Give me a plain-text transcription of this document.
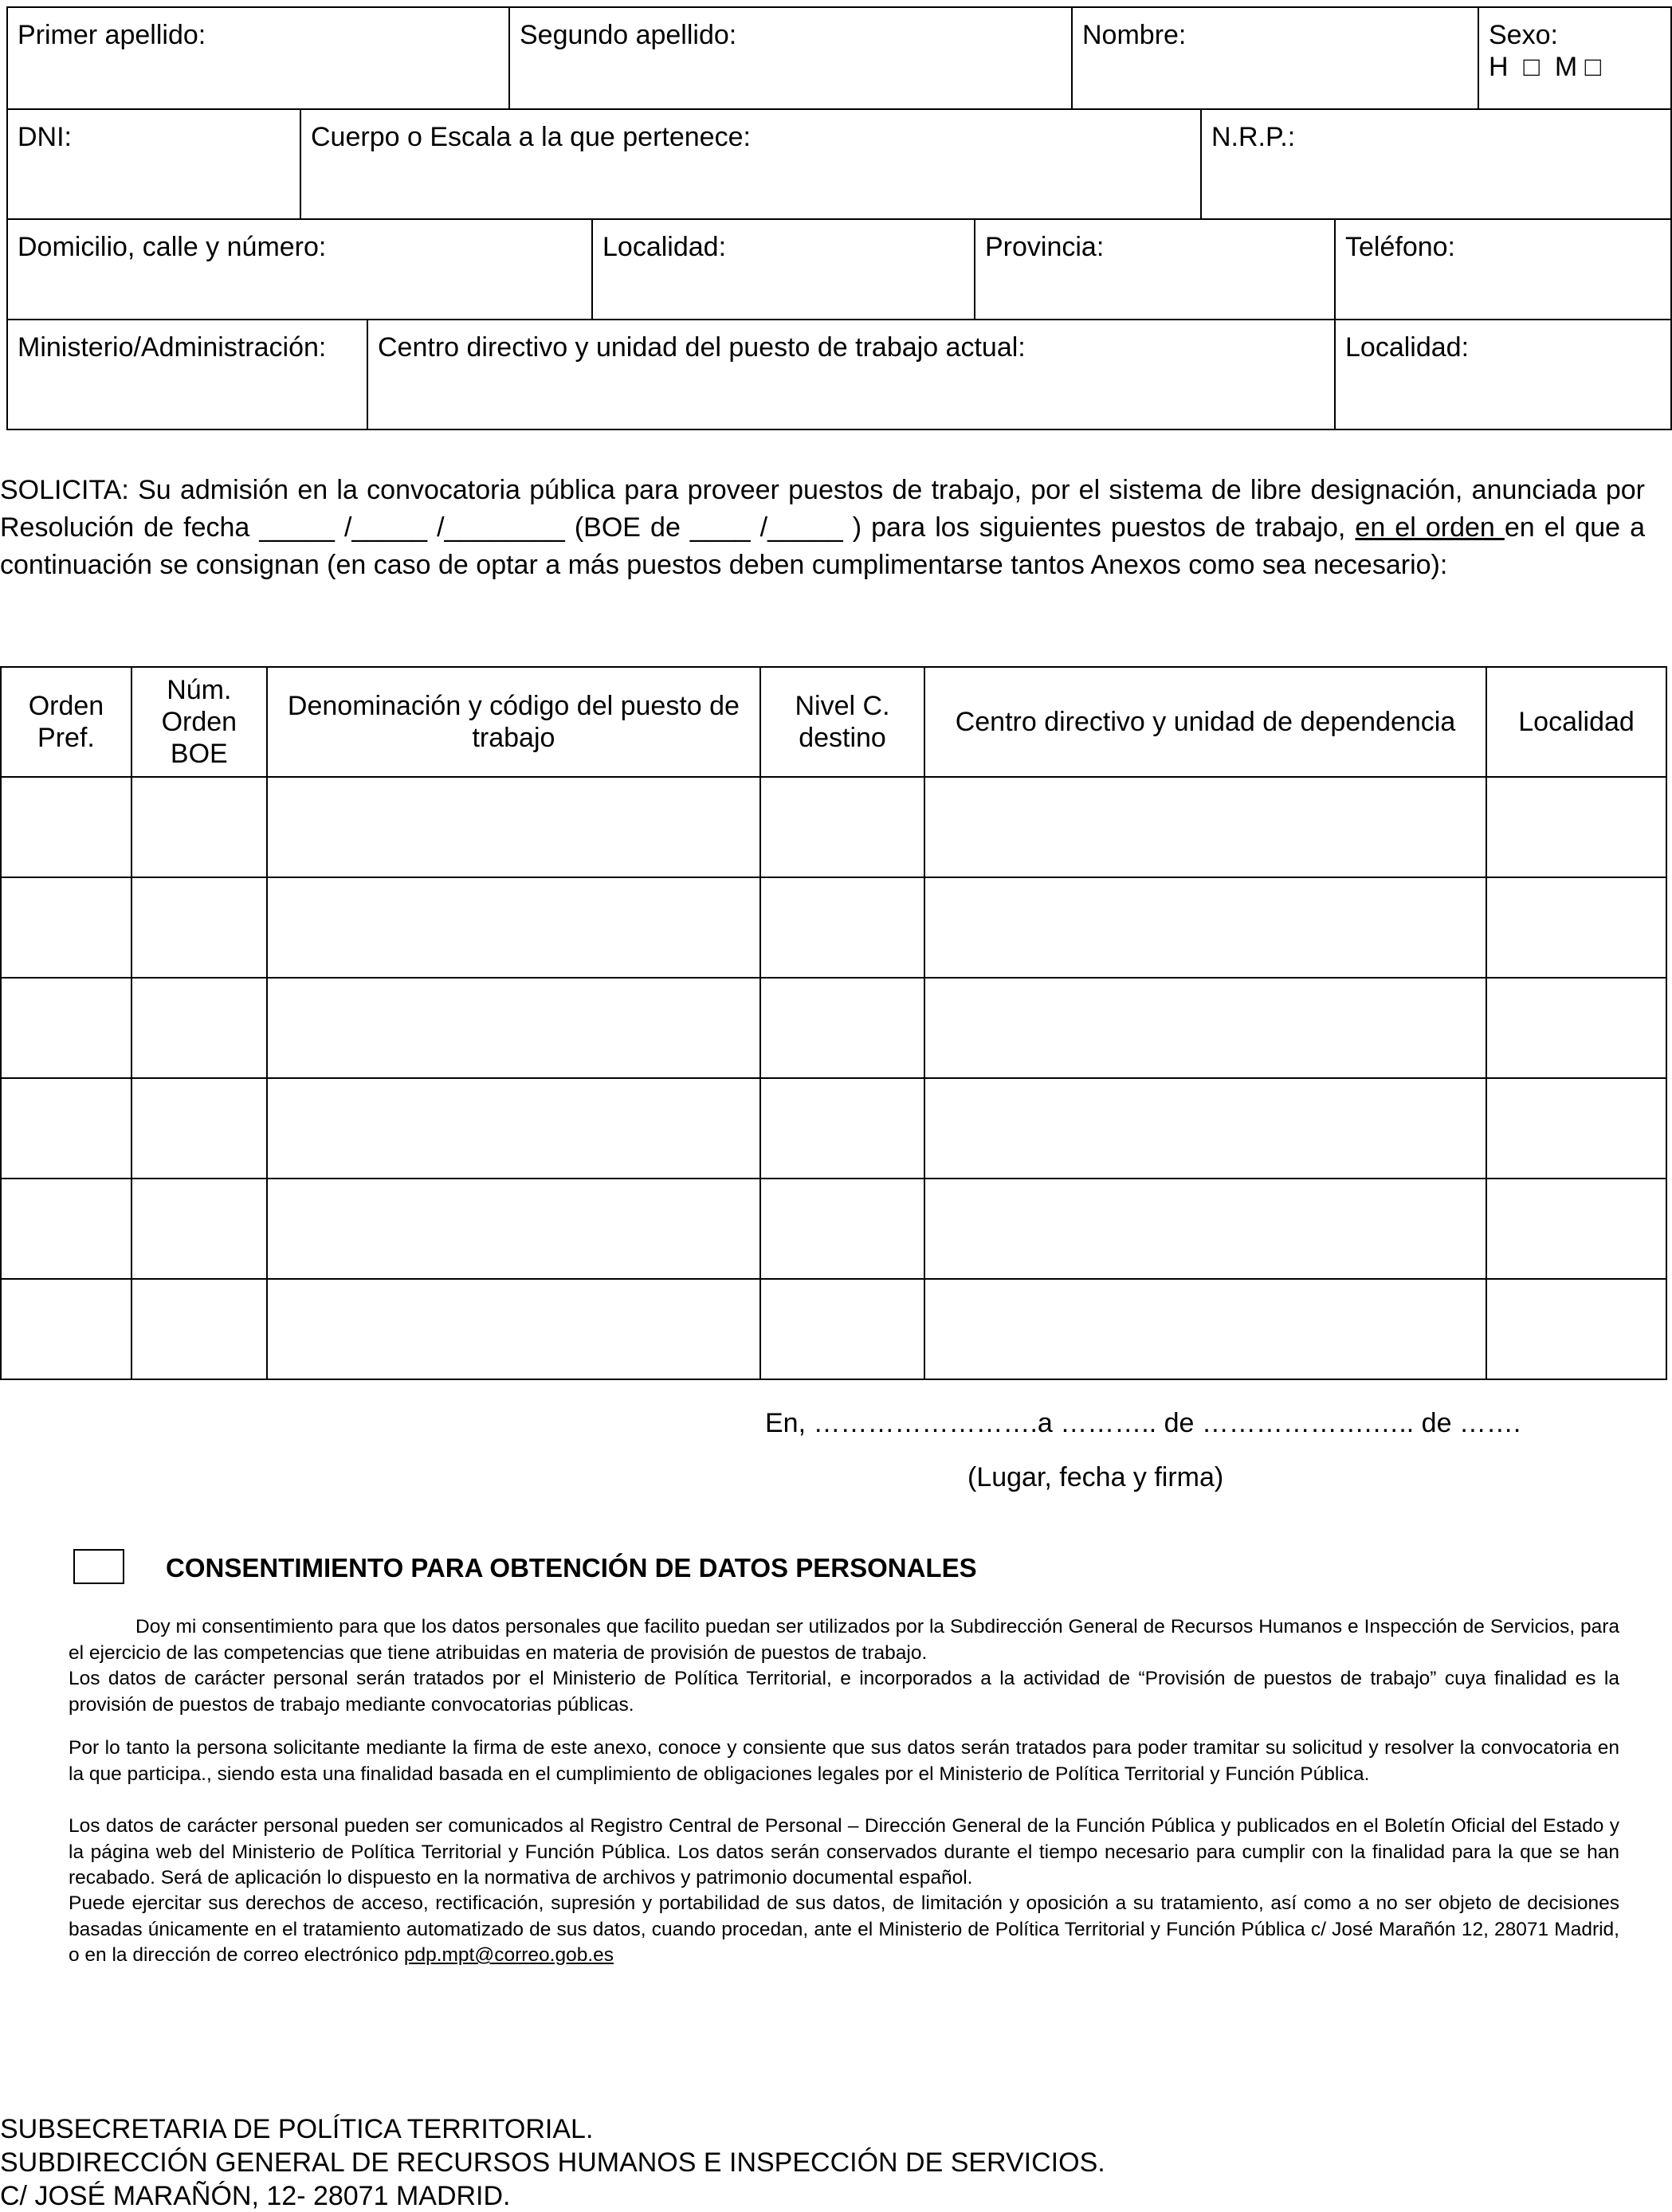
Primer apellido:	Segundo apellido:	Nombre:	Sexo:
H  □  M □
DNI:	Cuerpo o Escala a la que pertenece:	N.R.P.:
Domicilio, calle y número:	Localidad:	Provincia:	Teléfono:
Ministerio/Administración:	Centro directivo y unidad del puesto de trabajo actual:	Localidad:
SOLICITA: Su admisión en la convocatoria pública para proveer puestos de trabajo, por el sistema de libre designación, anunciada por Resolución de fecha _____ /_____ /________ (BOE de ____ /_____ ) para los siguientes puestos de trabajo, en el orden en el que a continuación se consignan (en caso de optar a más puestos deben cumplimentarse tantos Anexos como sea necesario):
Orden Pref.	Núm. Orden BOE	Denominación y código del puesto de trabajo	Nivel C. destino	Centro directivo y unidad de dependencia	Localidad

En, …………………….a ……….. de ……………….….. de …….
(Lugar, fecha y firma)
CONSENTIMIENTO PARA OBTENCIÓN DE DATOS PERSONALES
Doy mi consentimiento para que los datos personales que facilito puedan ser utilizados por la Subdirección General de Recursos Humanos e Inspección de Servicios, para el ejercicio de las competencias que tiene atribuidas en materia de provisión de puestos de trabajo.
Los datos de carácter personal serán tratados por el Ministerio de Política Territorial, e incorporados a la actividad de “Provisión de puestos de trabajo” cuya finalidad es la provisión de puestos de trabajo mediante convocatorias públicas.
Por lo tanto la persona solicitante mediante la firma de este anexo, conoce y consiente que sus datos serán tratados para poder tramitar su solicitud y resolver la convocatoria en la que participa., siendo esta una finalidad basada en el cumplimiento de obligaciones legales por el Ministerio de Política Territorial y Función Pública.
Los datos de carácter personal pueden ser comunicados al Registro Central de Personal – Dirección General de la Función Pública y publicados en el Boletín Oficial del Estado y la página web del Ministerio de Política Territorial y Función Pública. Los datos serán conservados durante el tiempo necesario para cumplir con la finalidad para la que se han recabado. Será de aplicación lo dispuesto en la normativa de archivos y patrimonio documental español.
Puede ejercitar sus derechos de acceso, rectificación, supresión y portabilidad de sus datos, de limitación y oposición a su tratamiento, así como a no ser objeto de decisiones basadas únicamente en el tratamiento automatizado de sus datos, cuando procedan, ante el Ministerio de Política Territorial y Función Pública c/ José Marañón 12, 28071 Madrid, o en la dirección de correo electrónico pdp.mpt@correo.gob.es
SUBSECRETARIA DE POLÍTICA TERRITORIAL.
SUBDIRECCIÓN GENERAL DE RECURSOS HUMANOS E INSPECCIÓN DE SERVICIOS.
C/ JOSÉ MARAÑÓN, 12- 28071 MADRID.
